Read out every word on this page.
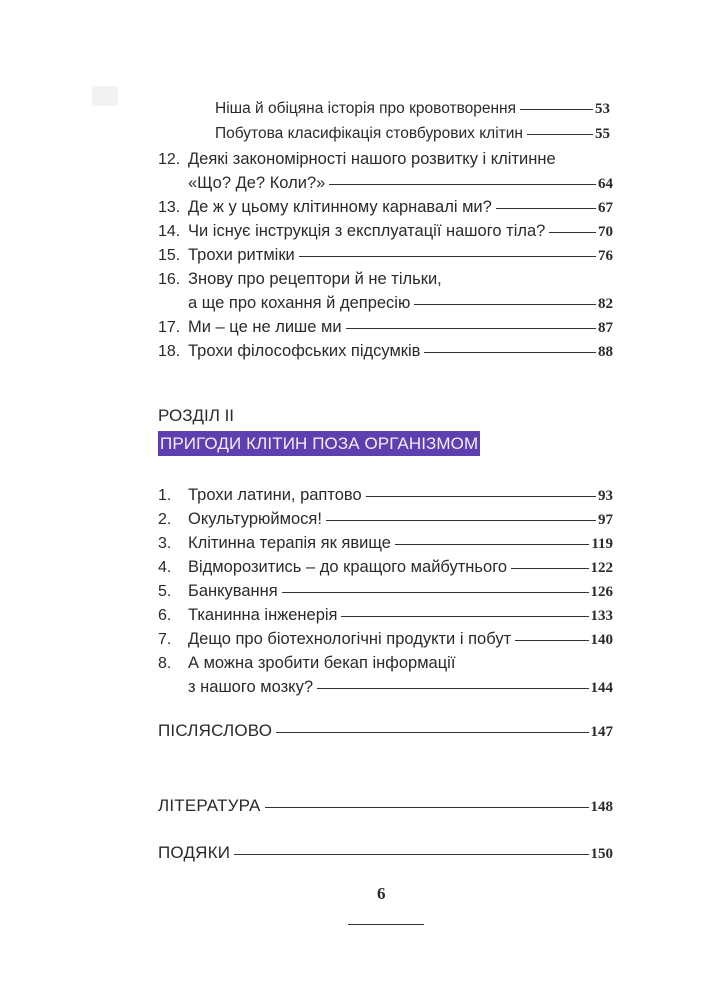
Ніша й обіцяна історія про кровотворення	53
Побутова класифікація стовбурових клітин	55
12. Деякі закономірності нашого розвитку і клітинне
«Що? Де? Коли?»	64
13. Де ж у цьому клітинному карнавалі ми?	67
14. Чи існує інструкція з експлуатації нашого тіла?	70
15. Трохи ритміки	76
16. Знову про рецептори й не тільки,
а ще про кохання й депресію	82
17. Ми – це не лише ми	87
18. Трохи філософських підсумків	88
РОЗДІЛ ІІ
ПРИГОДИ КЛІТИН ПОЗА ОРГАНІЗМОМ
1.	Трохи латини, раптово	93
2.	Окультурюймося!	97
3.	Клітинна терапія як явище	119
4.	Відморозитись – до кращого майбутнього	122
5.	Банкування	126
6.	Тканинна інженерія	133
7.	Дещо про біотехнологічні продукти і побут	140
8.	А можна зробити бекап інформації
з нашого мозку?	144
ПІСЛЯСЛОВО	147
ЛІТЕРАТУРА	148
ПОДЯКИ	150
6
